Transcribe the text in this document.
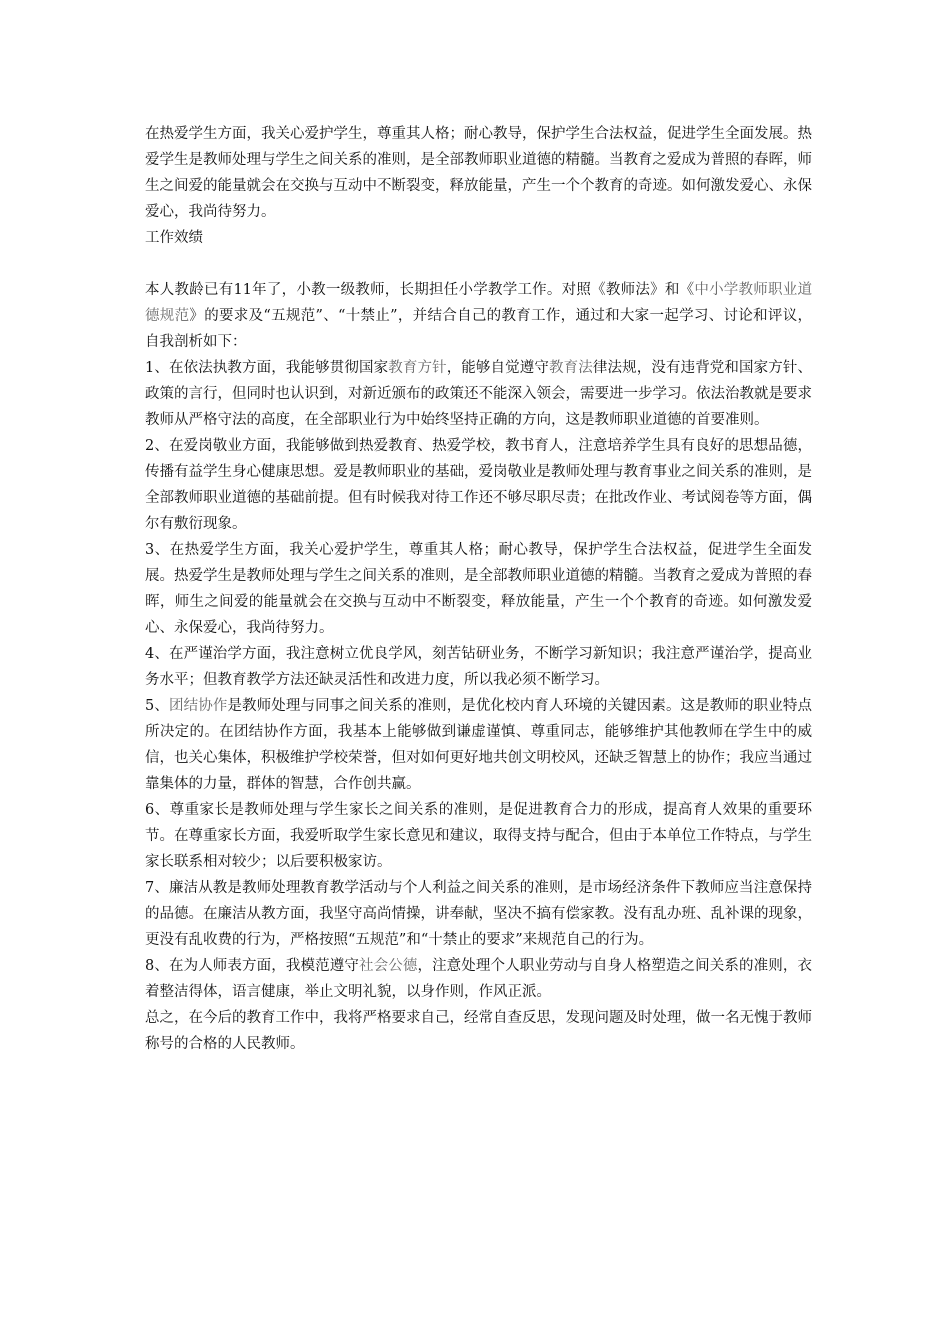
在热爱学生方面，我关心爱护学生，尊重其人格；耐心教导，保护学生合法权益，促进学生全面发展。热爱学生是教师处理与学生之间关系的准则，是全部教师职业道德的精髓。当教育之爱成为普照的春晖，师生之间爱的能量就会在交换与互动中不断裂变，释放能量，产生一个个教育的奇迹。如何激发爱心、永保爱心，我尚待努力。

工作效绩

本人教龄已有11年了，小教一级教师，长期担任小学教学工作。对照《教师法》和《中小学教师职业道德规范》的要求及“五规范”、“十禁止”，并结合自己的教育工作，通过和大家一起学习、讨论和评议，自我剖析如下：

1、在依法执教方面，我能够贯彻国家教育方针，能够自觉遵守教育法律法规，没有违背党和国家方针、政策的言行，但同时也认识到，对新近颁布的政策还不能深入领会，需要进一步学习。依法治教就是要求教师从严格守法的高度，在全部职业行为中始终坚持正确的方向，这是教师职业道德的首要准则。

2、在爱岗敬业方面，我能够做到热爱教育、热爱学校，教书育人，注意培养学生具有良好的思想品德，传播有益学生身心健康思想。爱是教师职业的基础，爱岗敬业是教师处理与教育事业之间关系的准则，是全部教师职业道德的基础前提。但有时候我对待工作还不够尽职尽责；在批改作业、考试阅卷等方面，偶尔有敷衍现象。

3、在热爱学生方面，我关心爱护学生，尊重其人格；耐心教导，保护学生合法权益，促进学生全面发展。热爱学生是教师处理与学生之间关系的准则，是全部教师职业道德的精髓。当教育之爱成为普照的春晖，师生之间爱的能量就会在交换与互动中不断裂变，释放能量，产生一个个教育的奇迹。如何激发爱心、永保爱心，我尚待努力。

4、在严谨治学方面，我注意树立优良学风，刻苦钻研业务，不断学习新知识；我注意严谨治学，提高业务水平；但教育教学方法还缺灵活性和改进力度，所以我必须不断学习。

5、团结协作是教师处理与同事之间关系的准则，是优化校内育人环境的关键因素。这是教师的职业特点所决定的。在团结协作方面，我基本上能够做到谦虚谨慎、尊重同志，能够维护其他教师在学生中的威信，也关心集体，积极维护学校荣誉，但对如何更好地共创文明校风，还缺乏智慧上的协作；我应当通过靠集体的力量，群体的智慧，合作创共赢。

6、尊重家长是教师处理与学生家长之间关系的准则，是促进教育合力的形成，提高育人效果的重要环节。在尊重家长方面，我爱听取学生家长意见和建议，取得支持与配合，但由于本单位工作特点，与学生家长联系相对较少；以后要积极家访。

7、廉洁从教是教师处理教育教学活动与个人利益之间关系的准则，是市场经济条件下教师应当注意保持的品德。在廉洁从教方面，我坚守高尚情操，讲奉献，坚决不搞有偿家教。没有乱办班、乱补课的现象，更没有乱收费的行为，严格按照“五规范”和“十禁止的要求”来规范自己的行为。

8、在为人师表方面，我模范遵守社会公德，注意处理个人职业劳动与自身人格塑造之间关系的准则，衣着整洁得体，语言健康，举止文明礼貌，以身作则，作风正派。

总之，在今后的教育工作中，我将严格要求自己，经常自查反思，发现问题及时处理，做一名无愧于教师称号的合格的人民教师。
